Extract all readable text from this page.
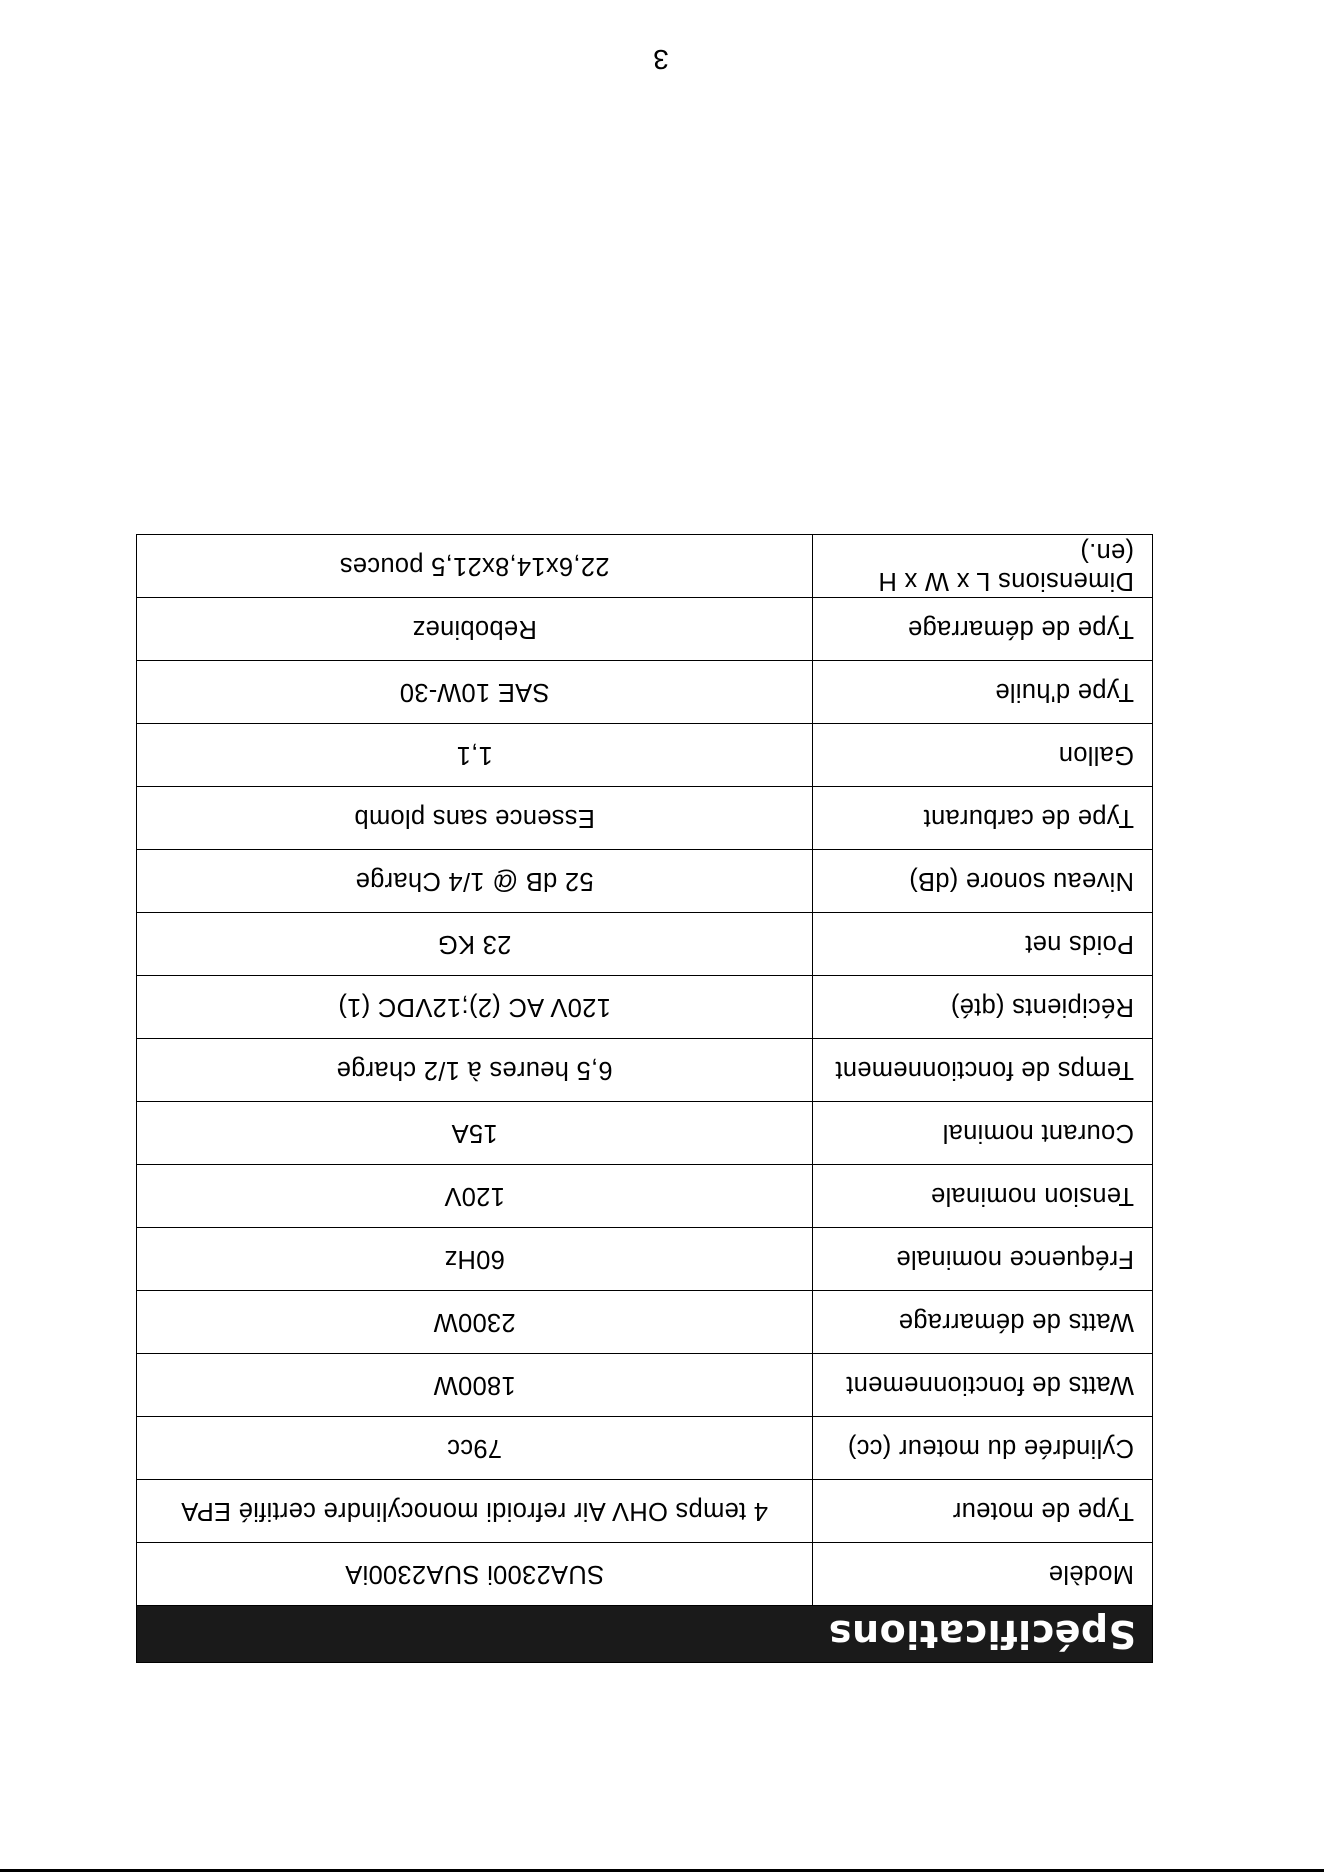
Spécifications	
Modèle	SUA2300i SUA2300iA
Type de moteur	4 temps OHV Air refroidi monocylindre certifié EPA
Cylindrée du moteur (cc)	79cc
Watts de fonctionnement	1800W
Watts de démarrage	2300W
Fréquence nominale	60Hz
Tension nominale	120V
Courant nominal	15A
Temps de fonctionnement	6,5 heures à 1/2 charge
Récipients (qté)	120V AC (2);12VDC (1)
Poids net	23 KG
Niveau sonore (dB)	52 dB @ 1/4 Charge
Type de carburant	Essence sans plomb
Gallon	1,1
Type d'huile	SAE 10W-30
Type de démarrage	Rebobinez
Dimensions L x W x H (en.)	22,6x14,8x21,5 pouces
3
